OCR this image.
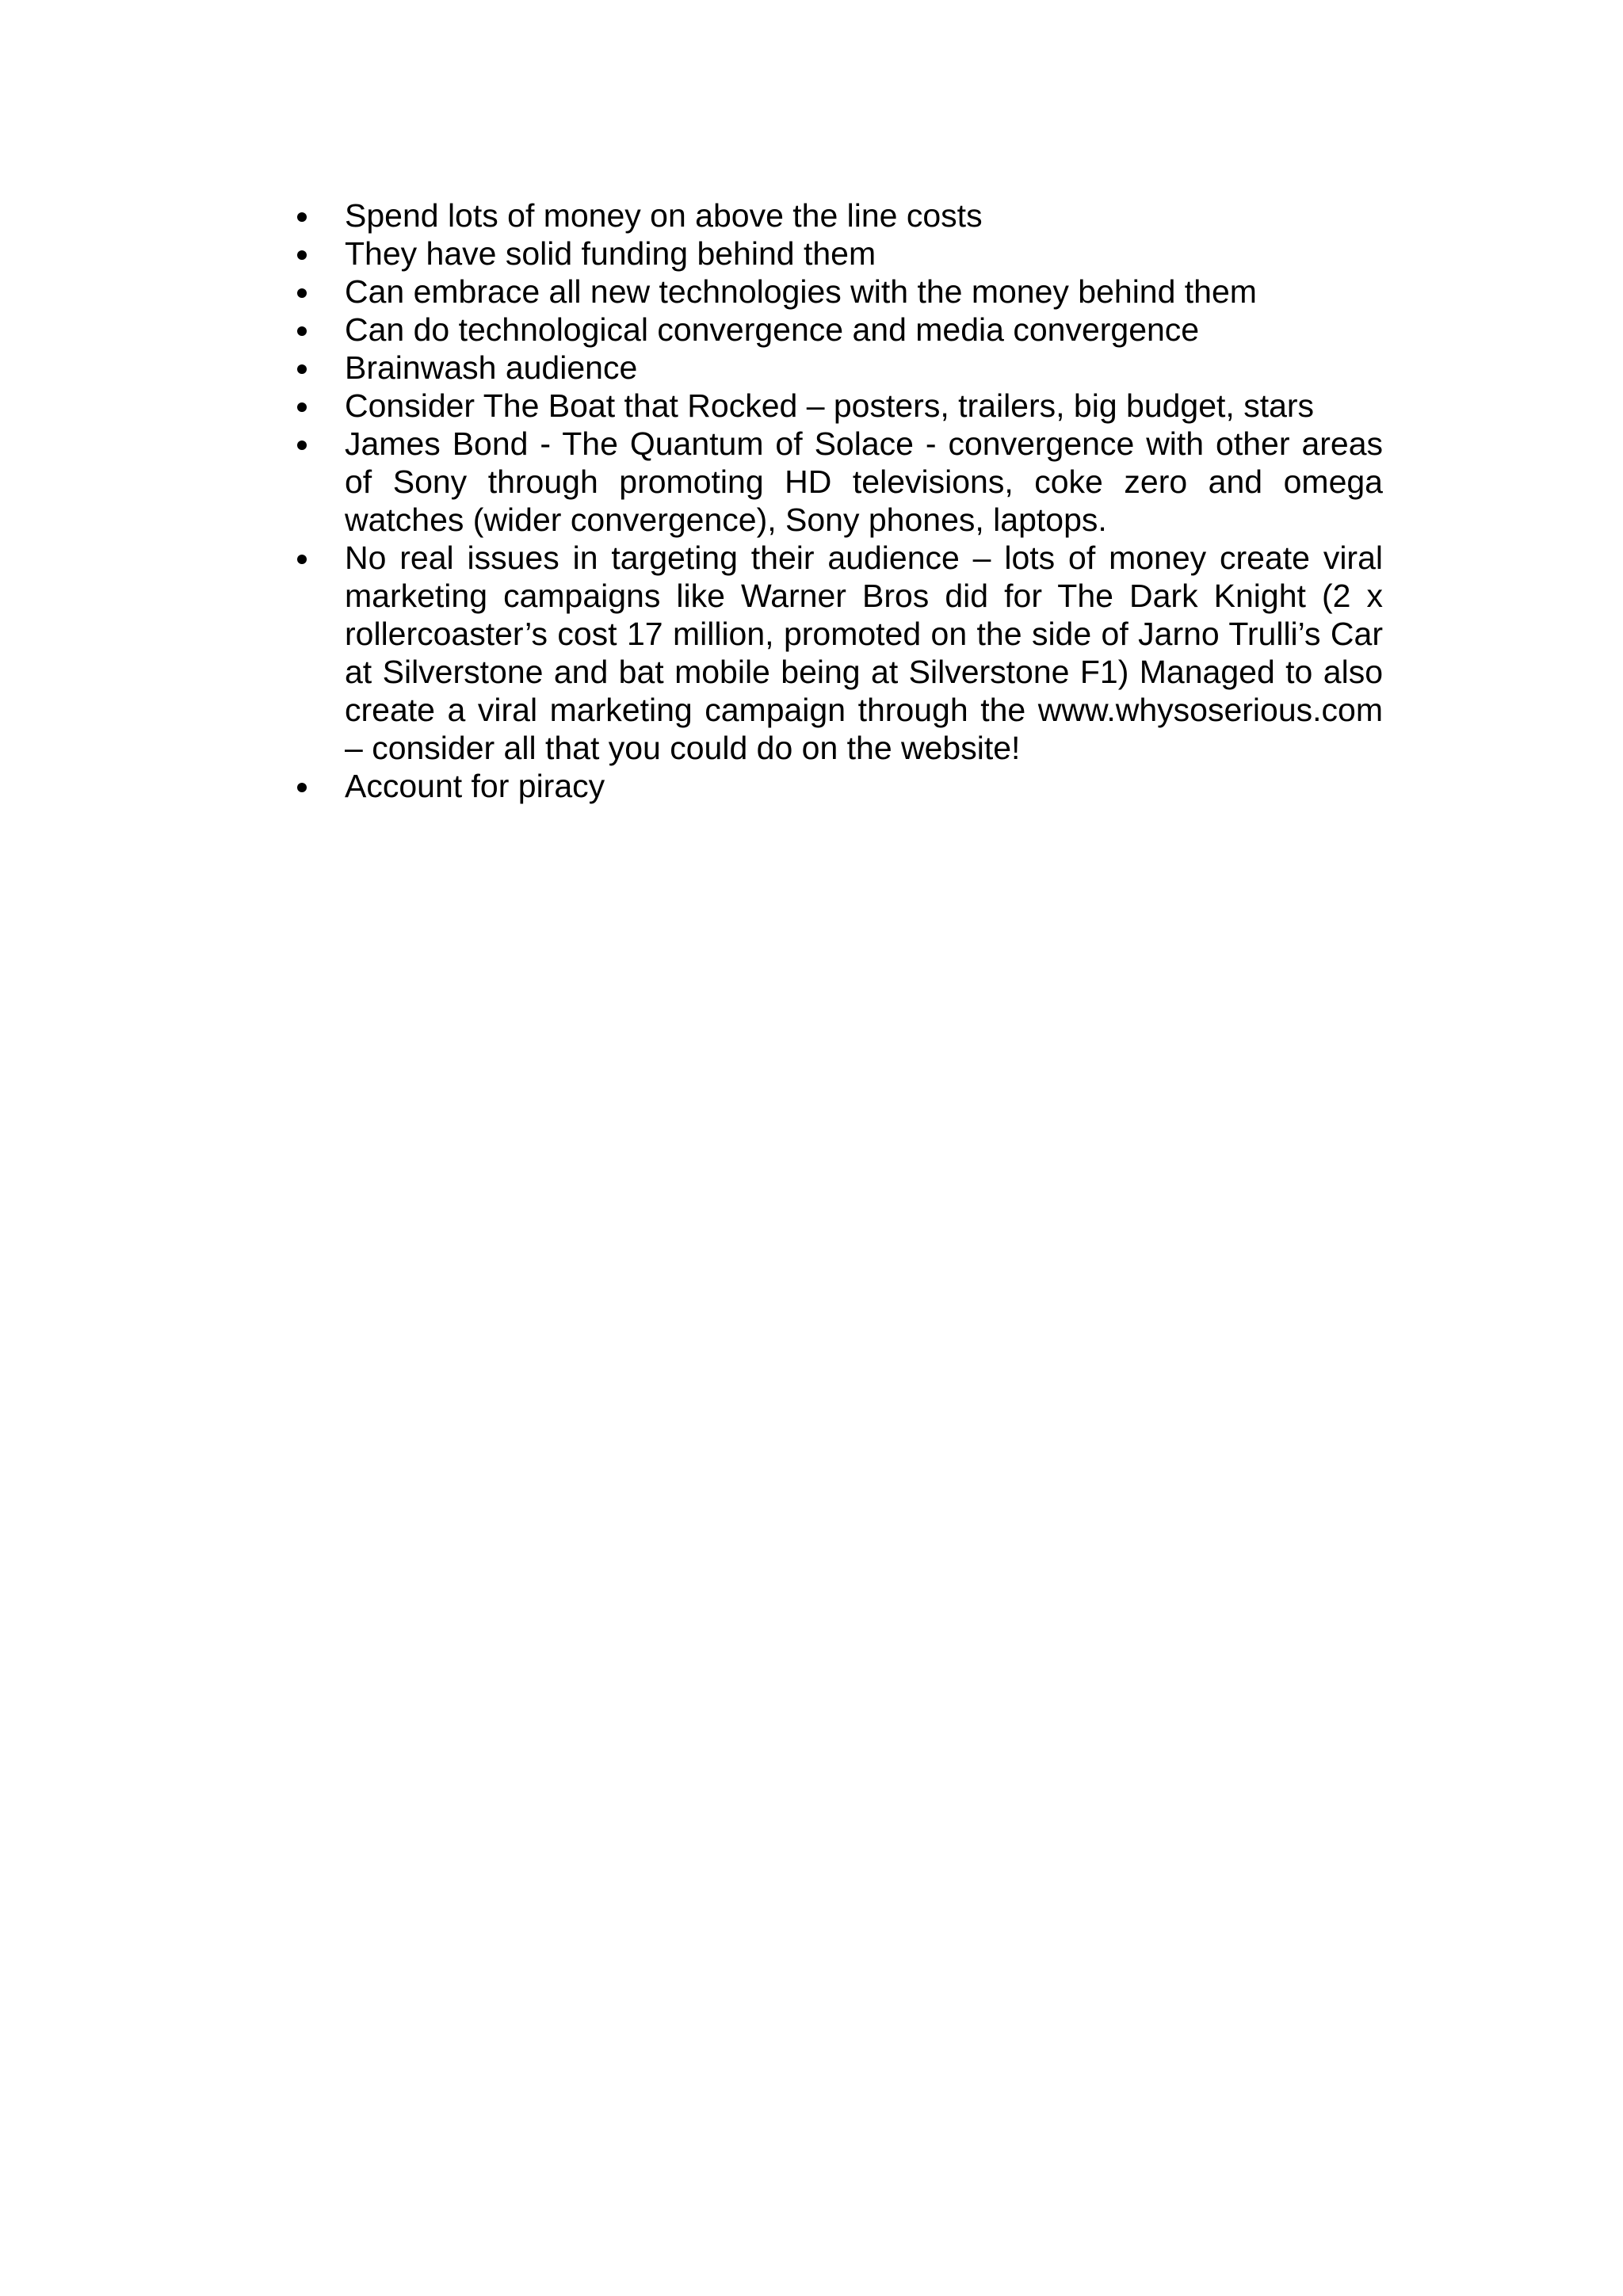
Spend lots of money on above the line costs
They have solid funding behind them
Can embrace all new technologies with the money behind them
Can do technological convergence and media convergence
Brainwash audience
Consider The Boat that Rocked – posters, trailers, big budget, stars
James Bond - The Quantum of Solace - convergence with other areas of Sony through promoting HD televisions, coke zero and omega watches (wider convergence), Sony phones, laptops.
No real issues in targeting their audience – lots of money create viral marketing campaigns like Warner Bros did for The Dark Knight (2 x rollercoaster’s cost 17 million, promoted on the side of Jarno Trulli’s Car at Silverstone and bat mobile being at Silverstone F1) Managed to also create a viral marketing campaign through the www.whysoserious.com – consider all that you could do on the website!
Account for piracy
